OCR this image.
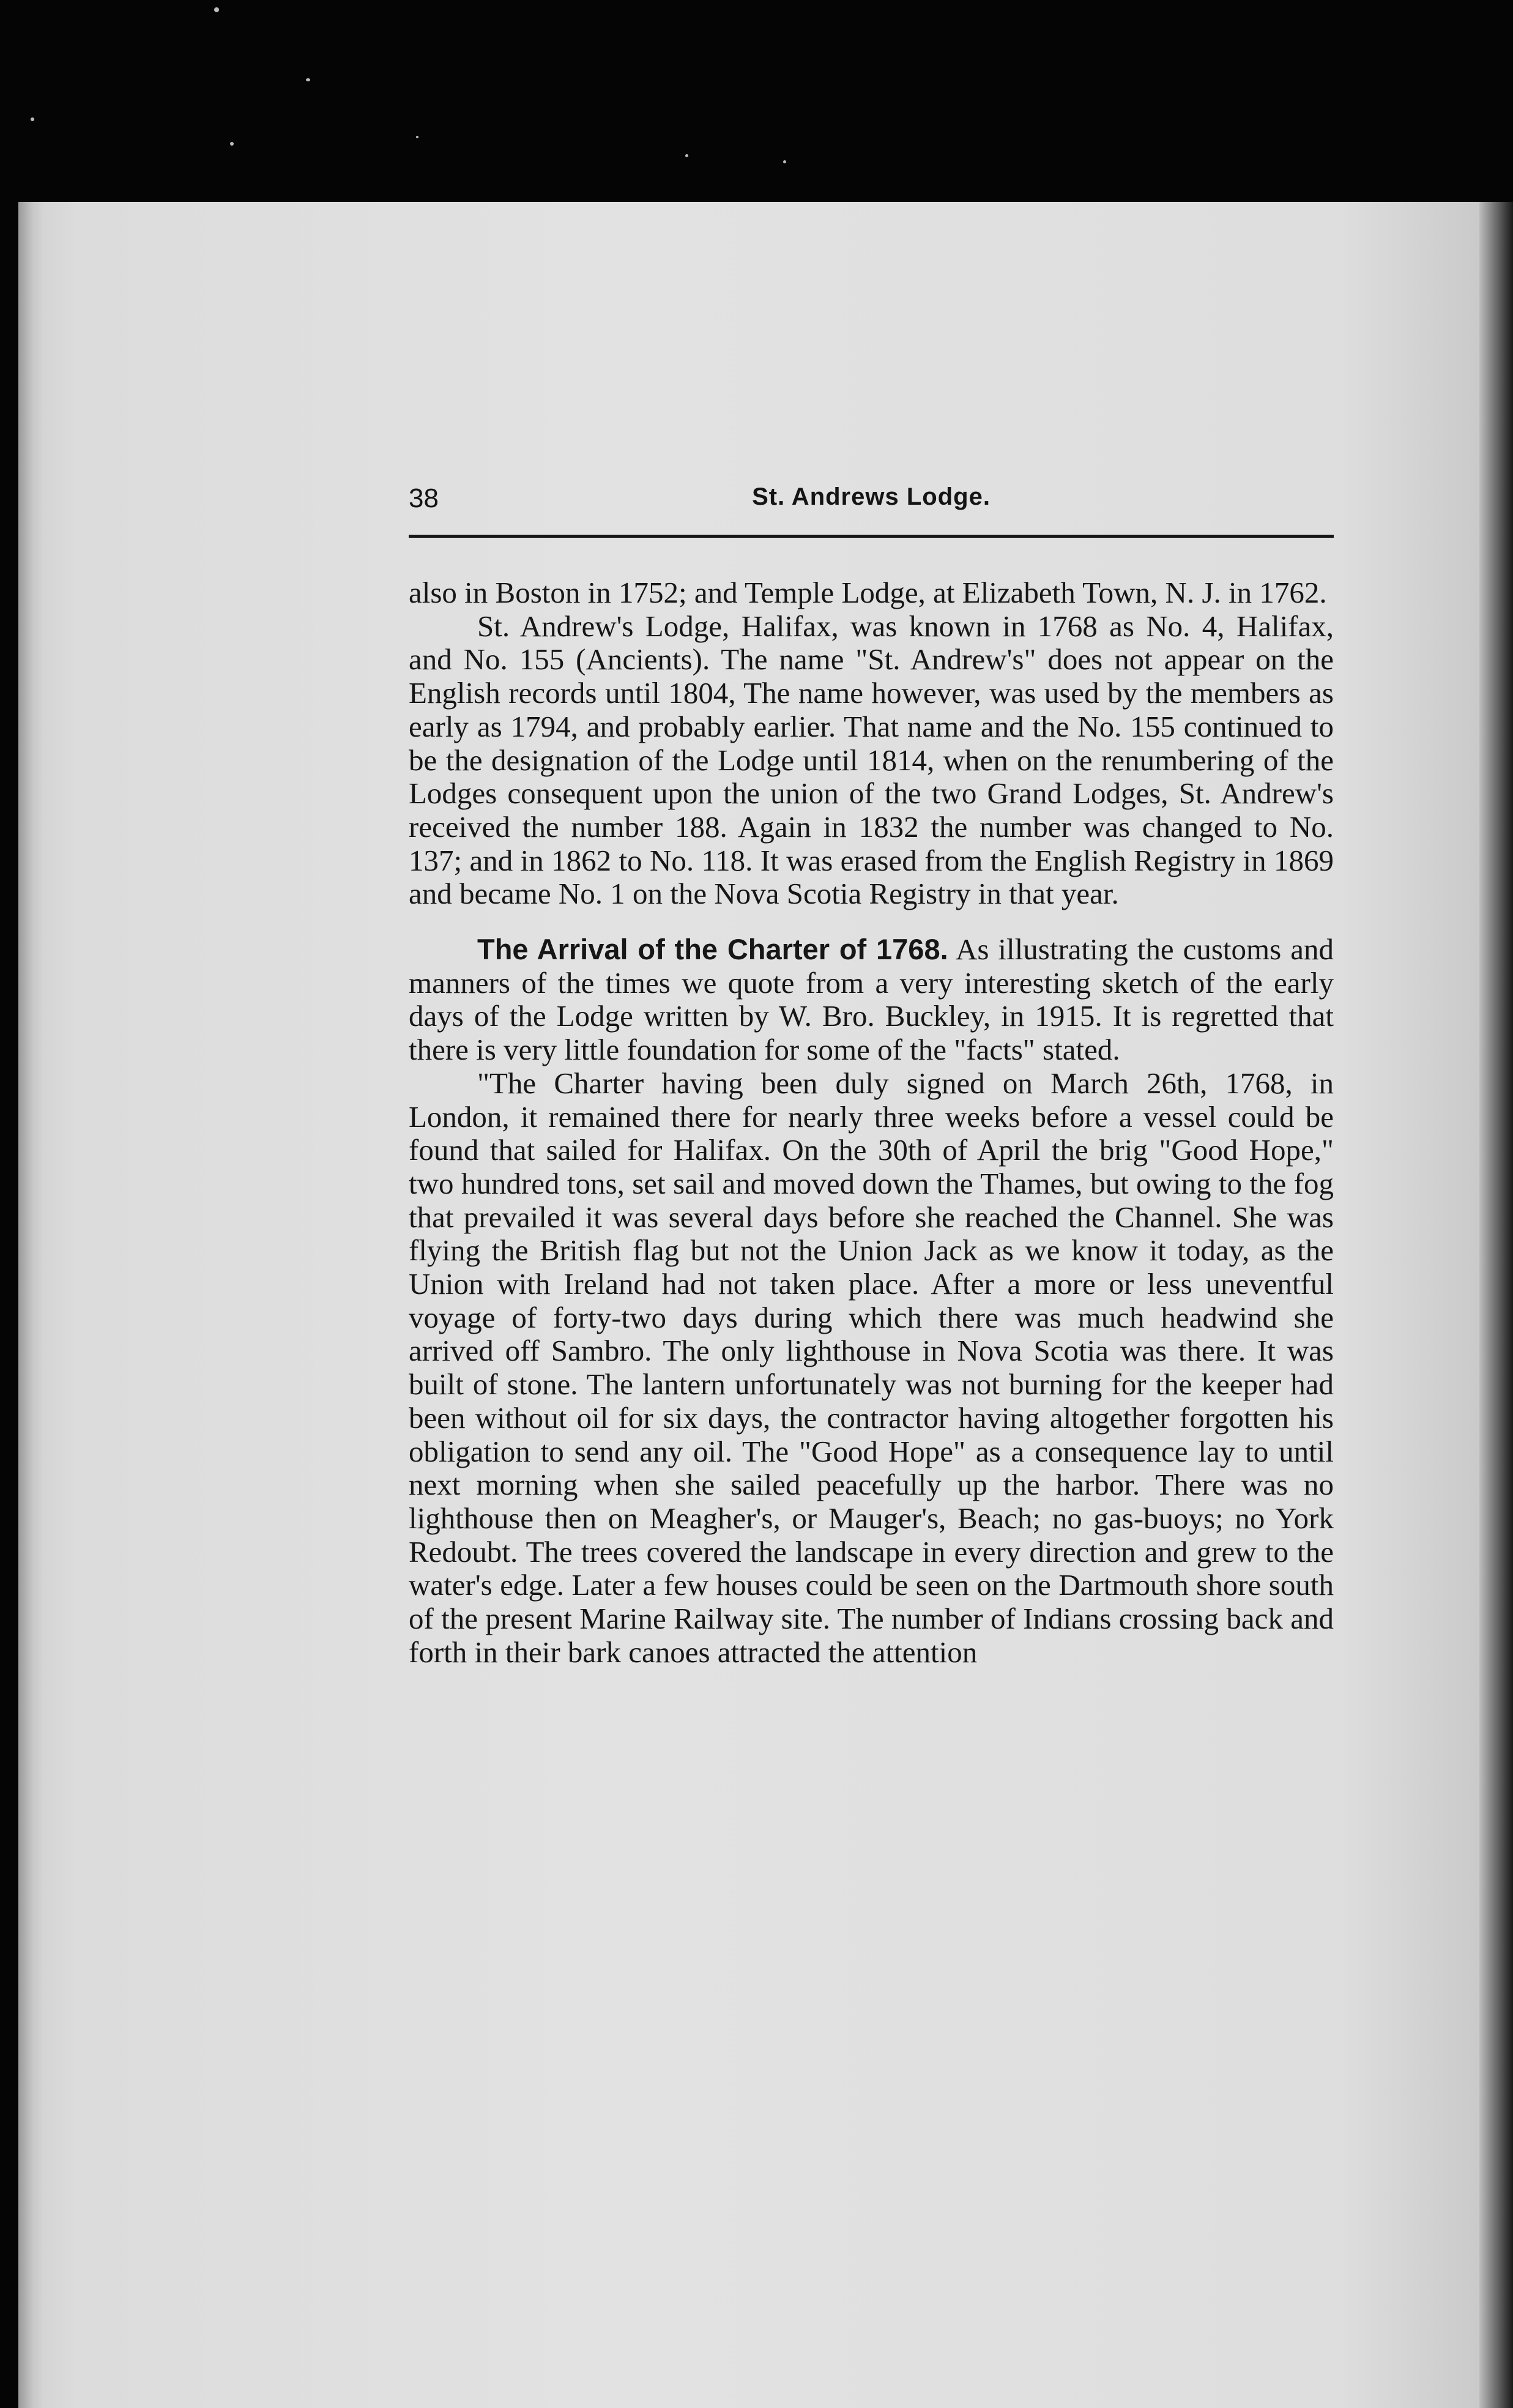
38	St. Andrews Lodge.

also in Boston in 1752; and Temple Lodge, at Elizabeth Town, N. J. in 1762.

St. Andrew's Lodge, Halifax, was known in 1768 as No. 4, Halifax, and No. 155 (Ancients). The name "St. Andrew's" does not appear on the English records until 1804, The name however, was used by the members as early as 1794, and probably earlier. That name and the No. 155 continued to be the designation of the Lodge until 1814, when on the renumbering of the Lodges consequent upon the union of the two Grand Lodges, St. Andrew's received the number 188. Again in 1832 the number was changed to No. 137; and in 1862 to No. 118. It was erased from the English Registry in 1869 and became No. 1 on the Nova Scotia Registry in that year.

The Arrival of the Charter of 1768. As illustrating the customs and manners of the times we quote from a very interesting sketch of the early days of the Lodge written by W. Bro. Buckley, in 1915. It is regretted that there is very little foundation for some of the "facts" stated.

"The Charter having been duly signed on March 26th, 1768, in London, it remained there for nearly three weeks before a vessel could be found that sailed for Halifax. On the 30th of April the brig "Good Hope," two hundred tons, set sail and moved down the Thames, but owing to the fog that prevailed it was several days before she reached the Channel. She was flying the British flag but not the Union Jack as we know it today, as the Union with Ireland had not taken place. After a more or less uneventful voyage of forty-two days during which there was much headwind she arrived off Sambro. The only lighthouse in Nova Scotia was there. It was built of stone. The lantern unfortunately was not burning for the keeper had been without oil for six days, the contractor having altogether forgotten his obligation to send any oil. The "Good Hope" as a consequence lay to until next morning when she sailed peacefully up the harbor. There was no lighthouse then on Meagher's, or Mauger's, Beach; no gas-buoys; no York Redoubt. The trees covered the landscape in every direction and grew to the water's edge. Later a few houses could be seen on the Dartmouth shore south of the present Marine Railway site. The number of Indians crossing back and forth in their bark canoes attracted the attention
